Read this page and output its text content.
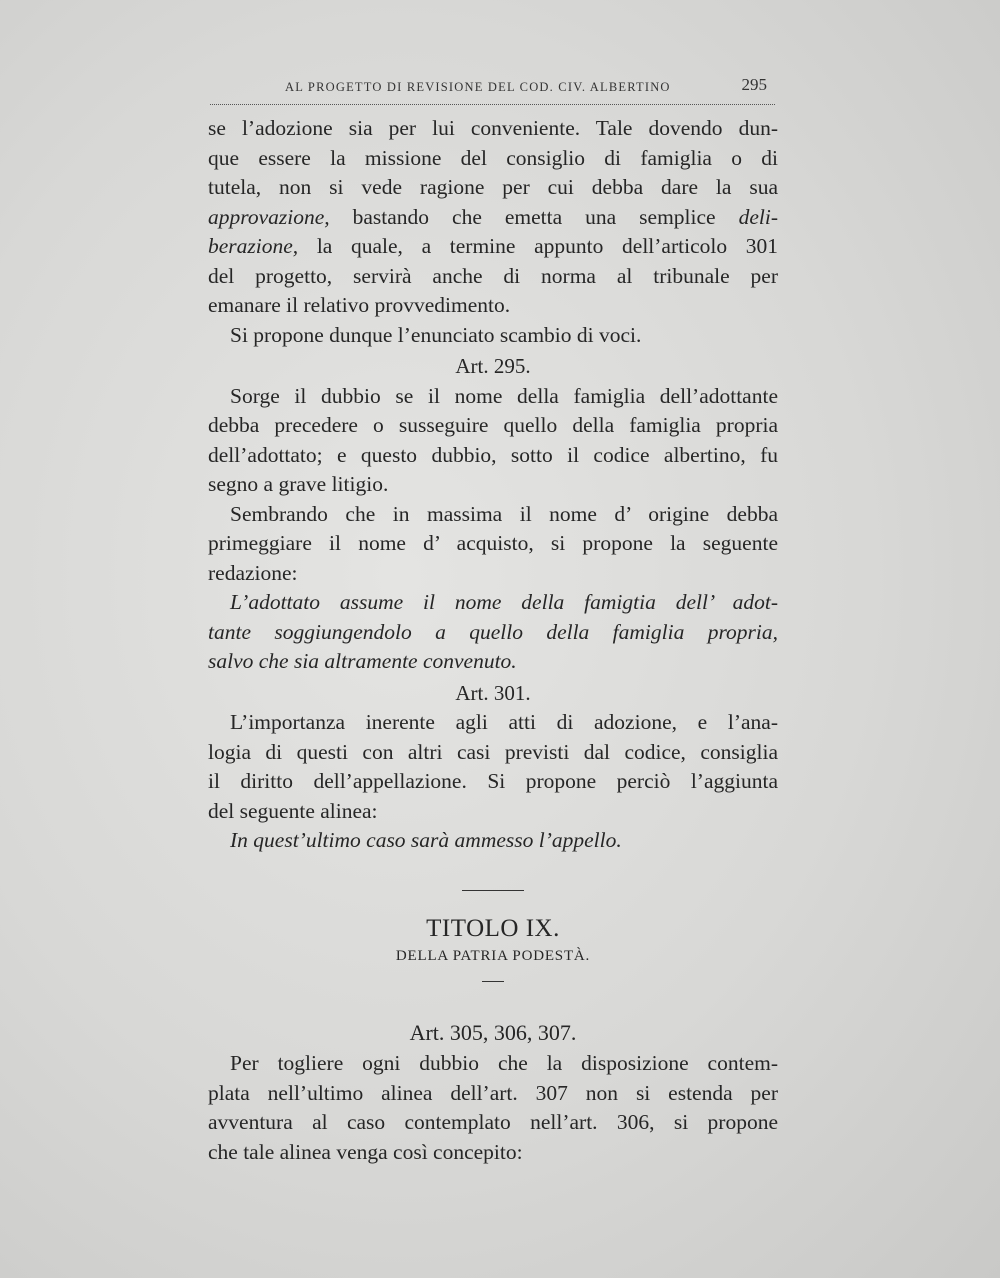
AL PROGETTO DI REVISIONE DEL COD. CIV. ALBERTINO	295
se l’adozione sia per lui conveniente. Tale dovendo dun-
que essere la missione del consiglio di famiglia o di
tutela, non si vede ragione per cui debba dare la sua
approvazione, bastando che emetta una semplice deli-
berazione, la quale, a termine appunto dell’articolo 301
del progetto, servirà anche di norma al tribunale per
emanare il relativo provvedimento.
Si propone dunque l’enunciato scambio di voci.
Art. 295.
Sorge il dubbio se il nome della famiglia dell’adottante
debba precedere o susseguire quello della famiglia propria
dell’adottato; e questo dubbio, sotto il codice albertino, fu
segno a grave litigio.
Sembrando che in massima il nome d’ origine debba
primeggiare il nome d’ acquisto, si propone la seguente
redazione:
L’adottato assume il nome della famigtia dell’ adot-
tante soggiungendolo a quello della famiglia propria,
salvo che sia altramente convenuto.
Art. 301.
L’importanza inerente agli atti di adozione, e l’ana-
logia di questi con altri casi previsti dal codice, consiglia
il diritto dell’appellazione. Si propone perciò l’aggiunta
del seguente alinea:
In quest’ultimo caso sarà ammesso l’appello.
TITOLO IX.
DELLA PATRIA PODESTÀ.
Art. 305, 306, 307.
Per togliere ogni dubbio che la disposizione contem-
plata nell’ultimo alinea dell’art. 307 non si estenda per
avventura al caso contemplato nell’art. 306, si propone
che tale alinea venga così concepito:
